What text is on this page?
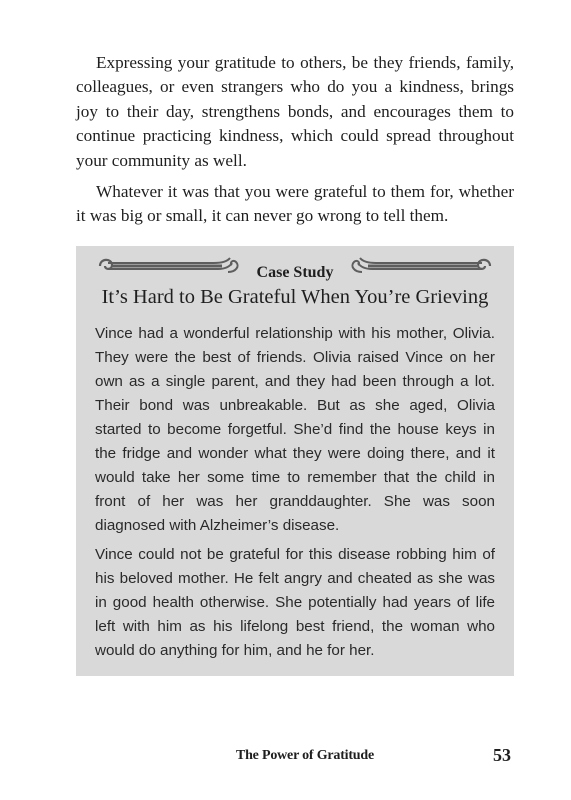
Expressing your gratitude to others, be they friends, family, colleagues, or even strangers who do you a kindness, brings joy to their day, strengthens bonds, and encourages them to continue practicing kindness, which could spread throughout your community as well.

Whatever it was that you were grateful to them for, whether it was big or small, it can never go wrong to tell them.

Case Study
It’s Hard to Be Grateful When You’re Grieving

Vince had a wonderful relationship with his mother, Olivia. They were the best of friends. Olivia raised Vince on her own as a single parent, and they had been through a lot. Their bond was unbreakable. But as she aged, Olivia started to become forgetful. She’d find the house keys in the fridge and wonder what they were doing there, and it would take her some time to remember that the child in front of her was her granddaughter. She was soon diagnosed with Alzheimer’s disease.

Vince could not be grateful for this disease robbing him of his beloved mother. He felt angry and cheated as she was in good health otherwise. She potentially had years of life left with him as his lifelong best friend, the woman who would do anything for him, and he for her.

The Power of Gratitude	53
